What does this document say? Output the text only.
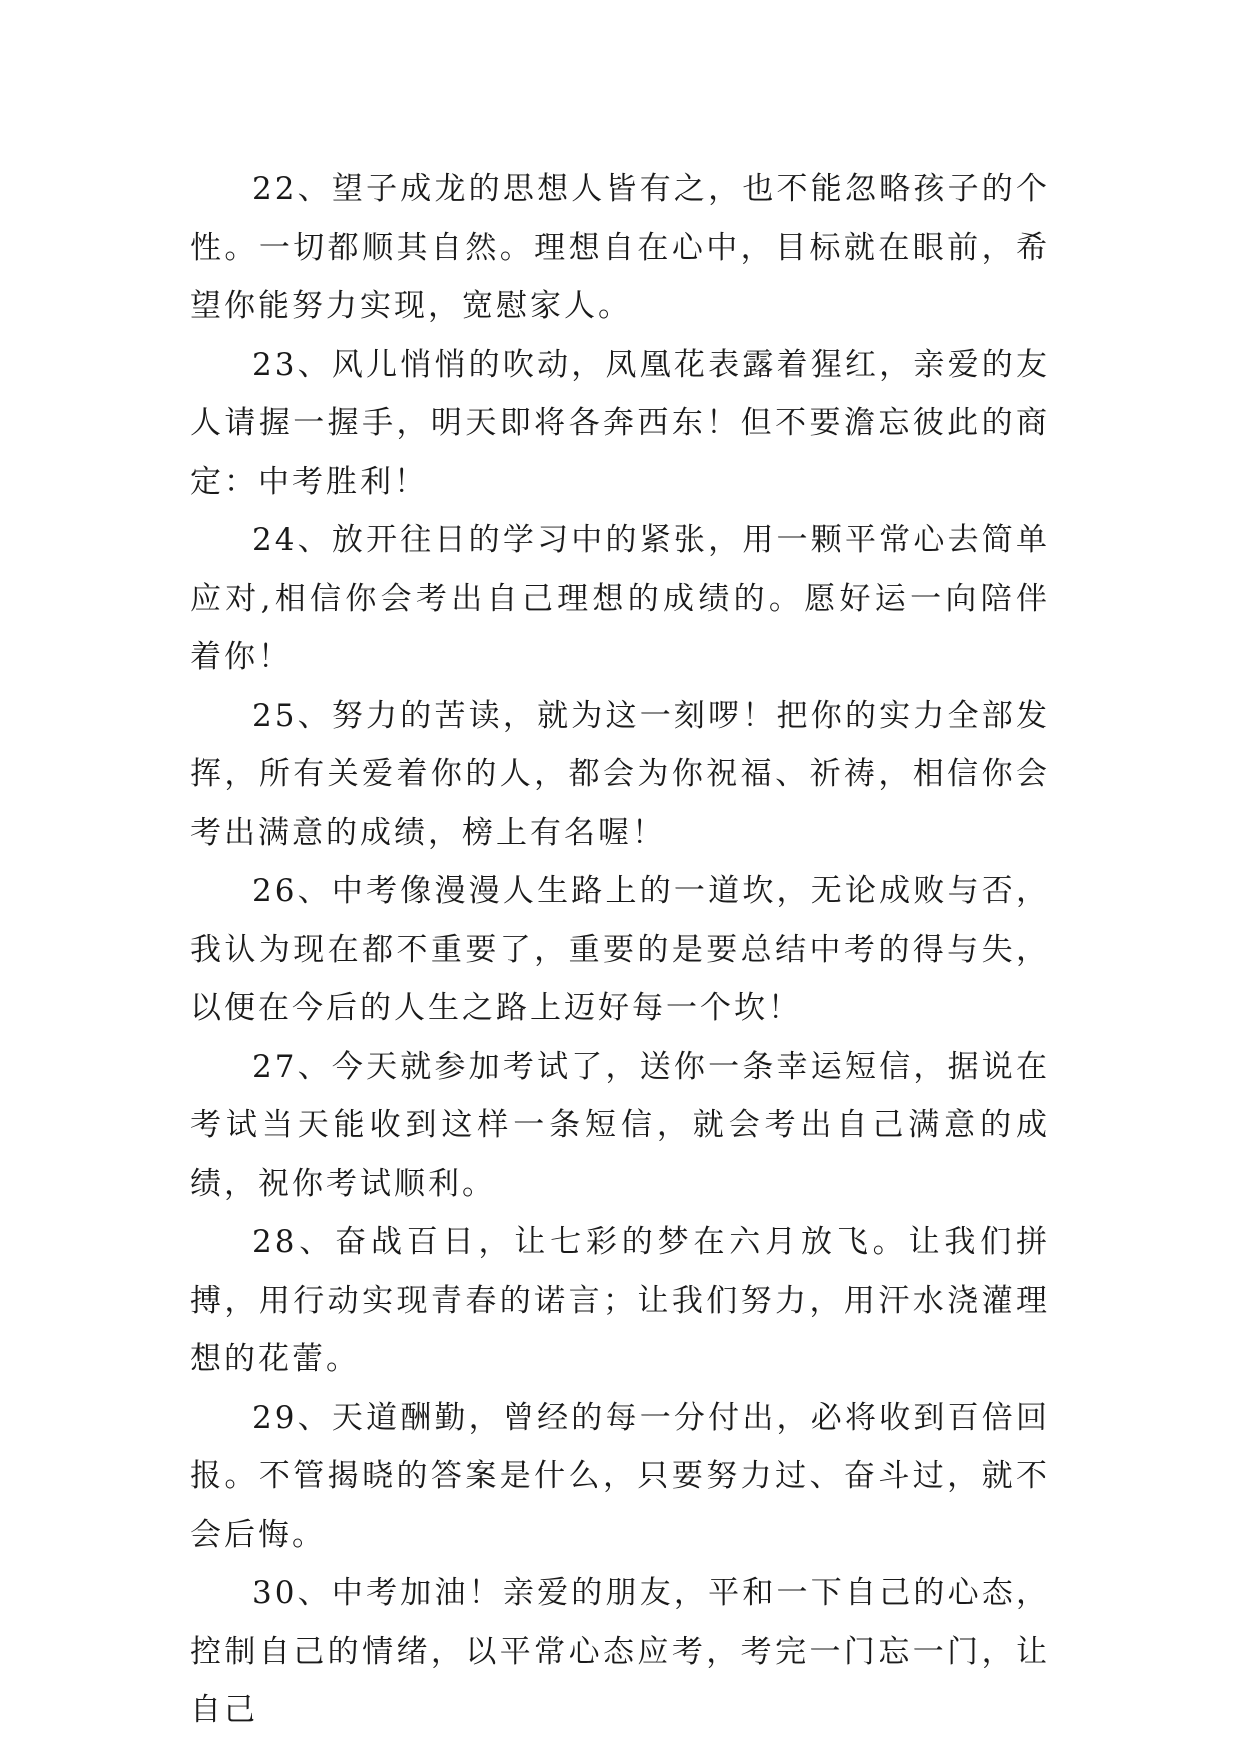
22、望子成龙的思想人皆有之，也不能忽略孩子的个性。一切都顺其自然。理想自在心中，目标就在眼前，希望你能努力实现，宽慰家人。

23、风儿悄悄的吹动，凤凰花表露着猩红，亲爱的友人请握一握手，明天即将各奔西东！但不要澹忘彼此的商定：中考胜利！

24、放开往日的学习中的紧张，用一颗平常心去简单应对,相信你会考出自己理想的成绩的。愿好运一向陪伴着你！

25、努力的苦读，就为这一刻啰！把你的实力全部发挥，所有关爱着你的人，都会为你祝福、祈祷，相信你会考出满意的成绩，榜上有名喔！

26、中考像漫漫人生路上的一道坎，无论成败与否，我认为现在都不重要了，重要的是要总结中考的得与失，以便在今后的人生之路上迈好每一个坎！

27、今天就参加考试了，送你一条幸运短信，据说在考试当天能收到这样一条短信，就会考出自己满意的成绩，祝你考试顺利。

28、奋战百日，让七彩的梦在六月放飞。让我们拼搏，用行动实现青春的诺言；让我们努力，用汗水浇灌理想的花蕾。

29、天道酬勤，曾经的每一分付出，必将收到百倍回报。不管揭晓的答案是什么，只要努力过、奋斗过，就不会后悔。

30、中考加油！亲爱的朋友，平和一下自己的心态，控制自己的情绪，以平常心态应考，考完一门忘一门，让自己
